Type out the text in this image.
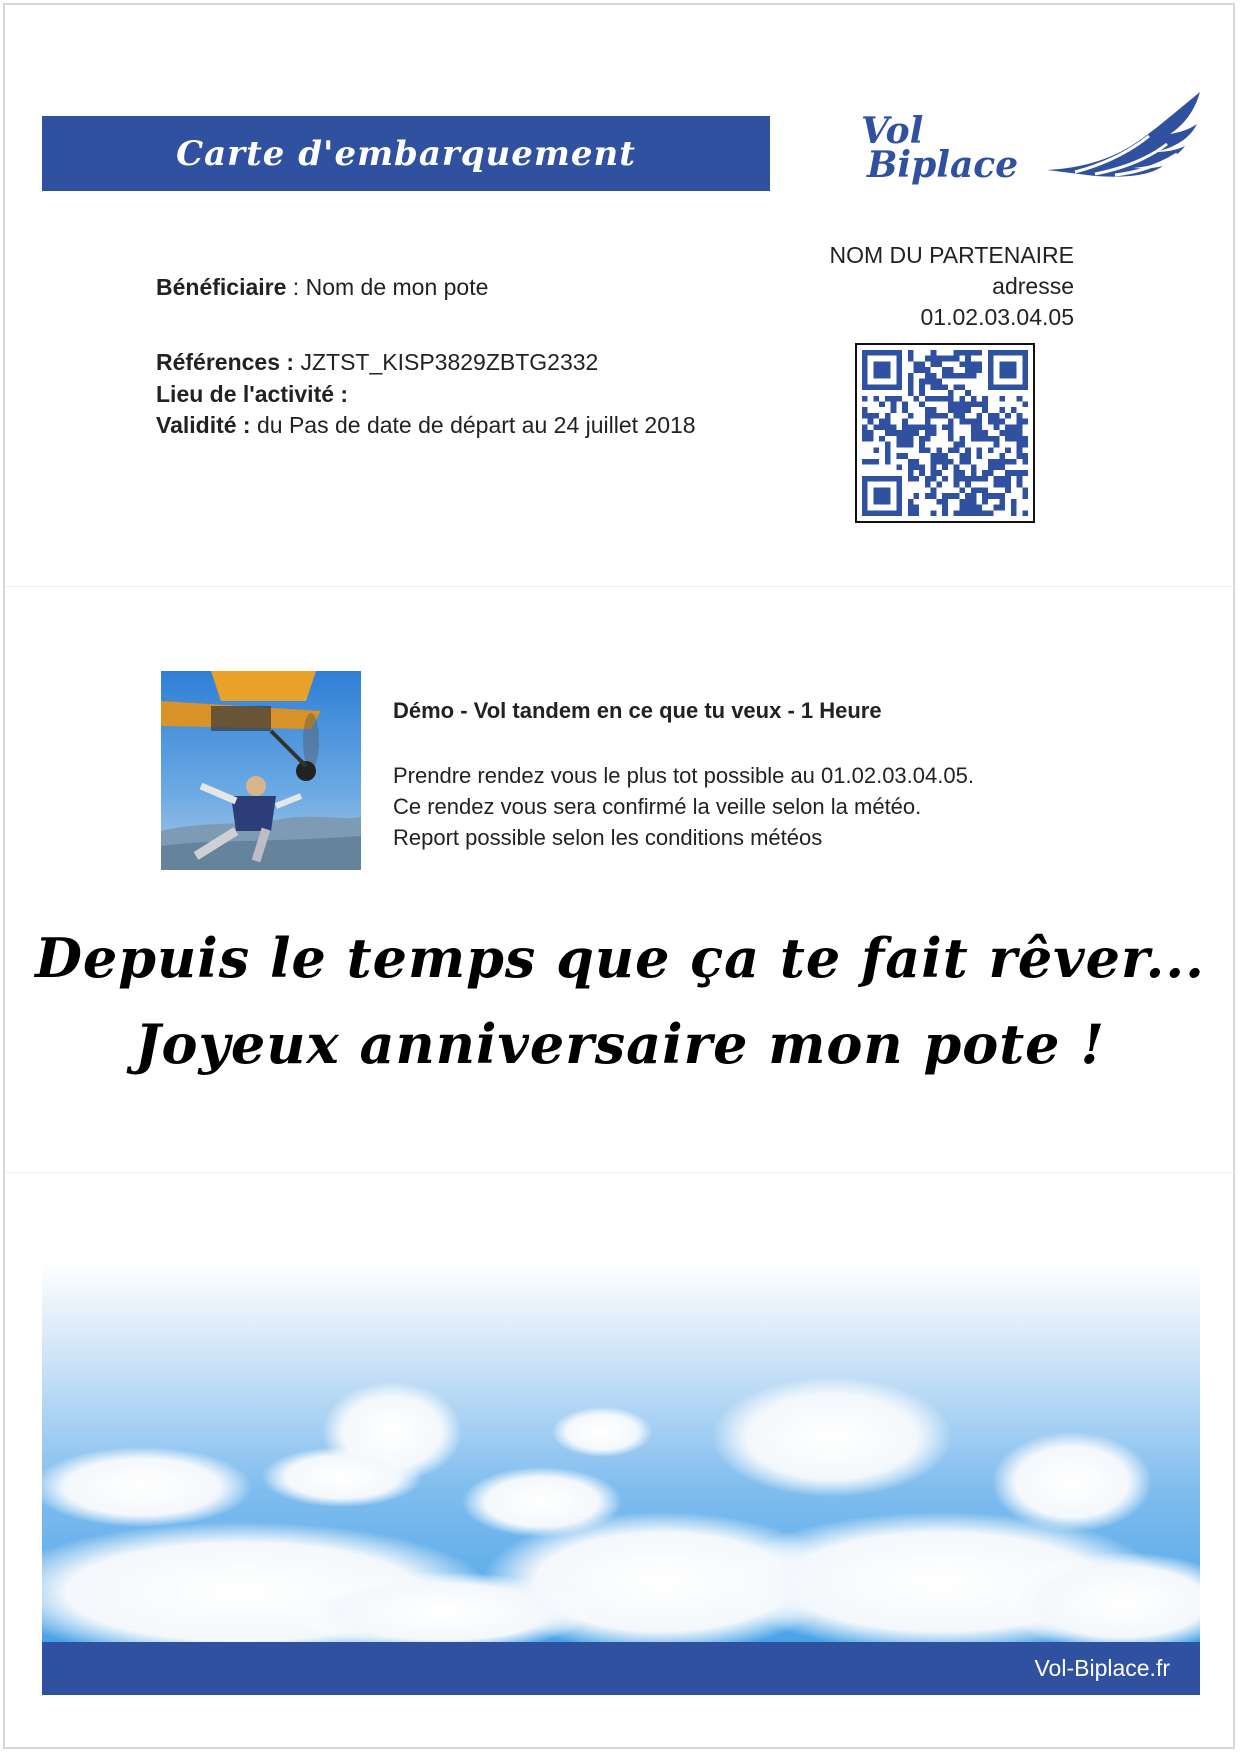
Carte d'embarquement
Vol
Biplace
Bénéficiaire : Nom de mon pote
Références : JZTST_KISP3829ZBTG2332
Lieu de l'activité :
Validité : du Pas de date de départ au 24 juillet 2018
NOM DU PARTENAIRE
adresse
01.02.03.04.05
Démo - Vol tandem en ce que tu veux - 1 Heure
Prendre rendez vous le plus tot possible au 01.02.03.04.05.
Ce rendez vous sera confirmé la veille selon la météo.
Report possible selon les conditions météos
Depuis le temps que ça te fait rêver...
Joyeux anniversaire mon pote !
Vol-Biplace.fr
